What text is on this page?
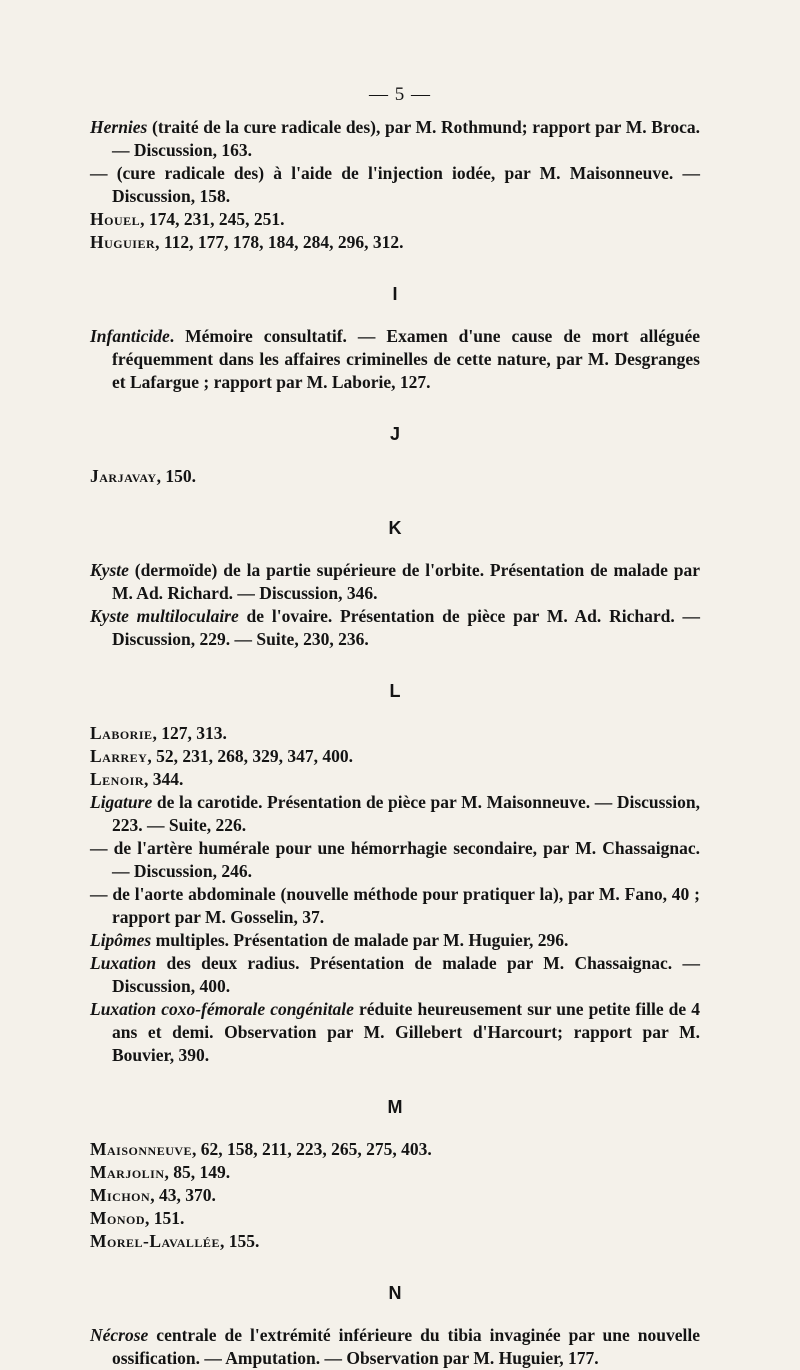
— 5 —

Hernies (traité de la cure radicale des), par M. Rothmund; rapport par M. Broca. — Discussion, 163.

— (cure radicale des) à l'aide de l'injection iodée, par M. Maisonneuve. — Discussion, 158.

Houel, 174, 231, 245, 251.

Huguier, 112, 177, 178, 184, 284, 296, 312.

I

Infanticide. Mémoire consultatif. — Examen d'une cause de mort alléguée fréquemment dans les affaires criminelles de cette nature, par M. Desgranges et Lafargue ; rapport par M. Laborie, 127.

J

Jarjavay, 150.

K

Kyste (dermoïde) de la partie supérieure de l'orbite. Présentation de malade par M. Ad. Richard. — Discussion, 346.

Kyste multiloculaire de l'ovaire. Présentation de pièce par M. Ad. Richard. — Discussion, 229. — Suite, 230, 236.

L

Laborie, 127, 313.

Larrey, 52, 231, 268, 329, 347, 400.

Lenoir, 344.

Ligature de la carotide. Présentation de pièce par M. Maisonneuve. — Discussion, 223. — Suite, 226.

— de l'artère humérale pour une hémorrhagie secondaire, par M. Chassaignac. — Discussion, 246.

— de l'aorte abdominale (nouvelle méthode pour pratiquer la), par M. Fano, 40 ; rapport par M. Gosselin, 37.

Lipômes multiples. Présentation de malade par M. Huguier, 296.

Luxation des deux radius. Présentation de malade par M. Chassaignac. — Discussion, 400.

Luxation coxo-fémorale congénitale réduite heureusement sur une petite fille de 4 ans et demi. Observation par M. Gillebert d'Harcourt; rapport par M. Bouvier, 390.

M

Maisonneuve, 62, 158, 211, 223, 265, 275, 403.

Marjolin, 85, 149.

Michon, 43, 370.

Monod, 151.

Morel-Lavallée, 155.

N

Nécrose centrale de l'extrémité inférieure du tibia invaginée par une nouvelle ossification. — Amputation. — Observation par M. Huguier, 177.
